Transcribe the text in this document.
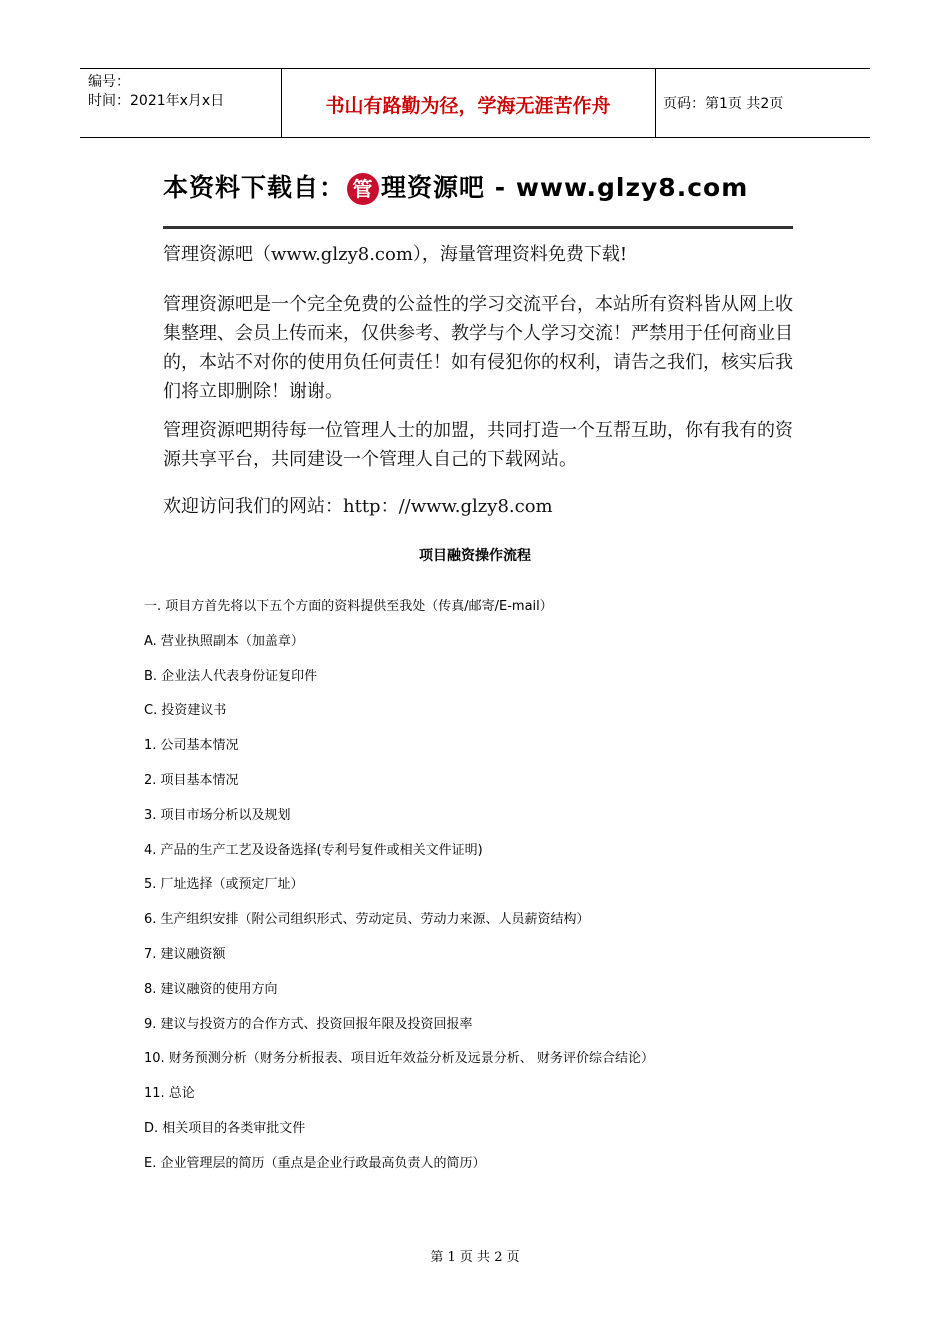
编号：
时间：2021年x月x日	书山有路勤为径，学海无涯苦作舟	页码：第1页 共2页
本资料下载自： 管 理资源吧 - www.glzy8.com
管理资源吧（www.glzy8.com），海量管理资料免费下载!
管理资源吧是一个完全免费的公益性的学习交流平台，本站所有资料皆从网上收集整理、会员上传而来，仅供参考、教学与个人学习交流！严禁用于任何商业目的，本站不对你的使用负任何责任！如有侵犯你的权利，请告之我们，核实后我们将立即删除！谢谢。
管理资源吧期待每一位管理人士的加盟，共同打造一个互帮互助，你有我有的资源共享平台，共同建设一个管理人自己的下载网站。
欢迎访问我们的网站：http：//www.glzy8.com
项目融资操作流程
一. 项目方首先将以下五个方面的资料提供至我处（传真/邮寄/E-mail）
A. 营业执照副本（加盖章）
B. 企业法人代表身份证复印件
C. 投资建议书
1. 公司基本情况
2. 项目基本情况
3. 项目市场分析以及规划
4. 产品的生产工艺及设备选择(专利号复件或相关文件证明)
5. 厂址选择（或预定厂址）
6. 生产组织安排（附公司组织形式、劳动定员、劳动力来源、人员薪资结构）
7. 建议融资额
8. 建议融资的使用方向
9. 建议与投资方的合作方式、投资回报年限及投资回报率
10. 财务预测分析（财务分析报表、项目近年效益分析及远景分析、 财务评价综合结论）
11. 总论
D. 相关项目的各类审批文件
E. 企业管理层的简历（重点是企业行政最高负责人的简历）
第 1 页 共 2 页
